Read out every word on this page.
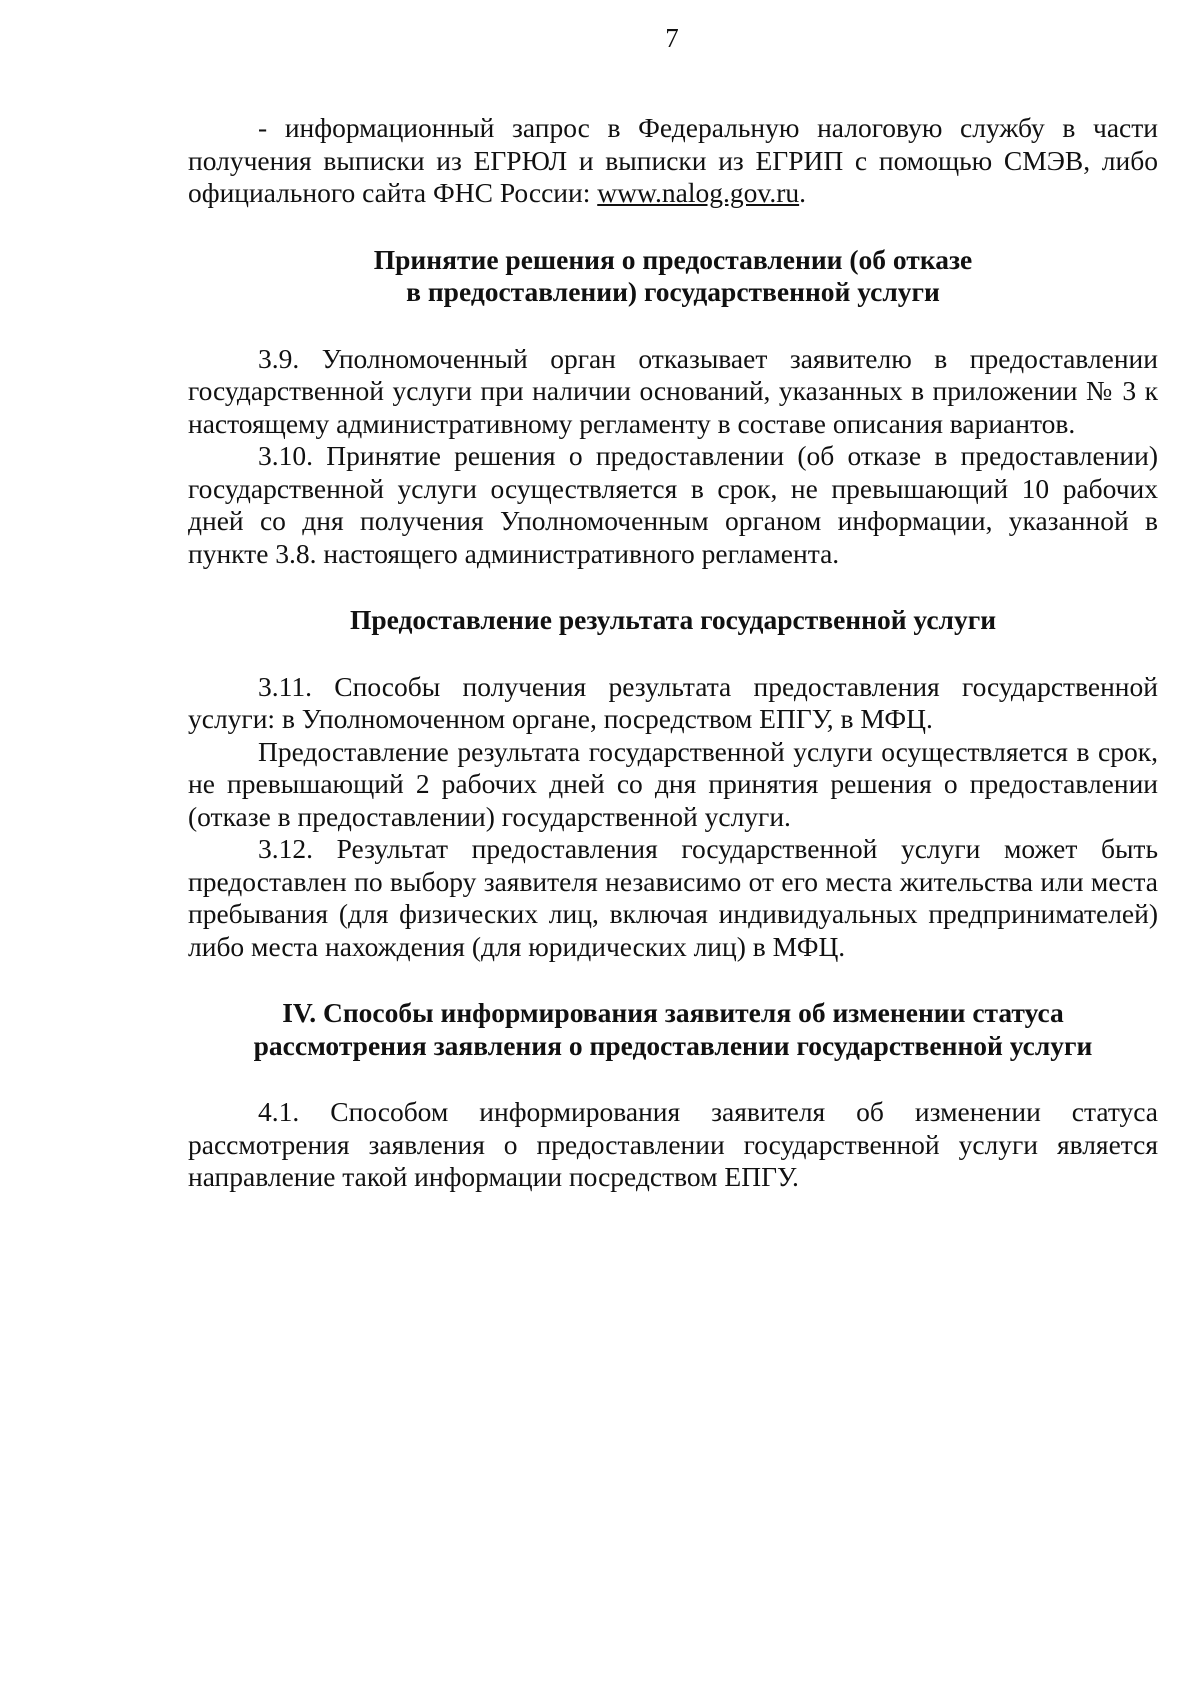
7

- информационный запрос в Федеральную налоговую службу в части получения выписки из ЕГРЮЛ и выписки из ЕГРИП с помощью СМЭВ, либо официального сайта ФНС России: www.nalog.gov.ru.

Принятие решения о предоставлении (об отказе
в предоставлении) государственной услуги

3.9. Уполномоченный орган отказывает заявителю в предоставлении государственной услуги при наличии оснований, указанных в приложении № 3 к настоящему административному регламенту в составе описания вариантов.

3.10. Принятие решения о предоставлении (об отказе в предоставлении) государственной услуги осуществляется в срок, не превышающий 10 рабочих дней со дня получения Уполномоченным органом информации, указанной в пункте 3.8. настоящего административного регламента.

Предоставление результата государственной услуги

3.11. Способы получения результата предоставления государственной услуги: в Уполномоченном органе, посредством ЕПГУ, в МФЦ.

Предоставление результата государственной услуги осуществляется в срок, не превышающий 2 рабочих дней со дня принятия решения о предоставлении (отказе в предоставлении) государственной услуги.

3.12. Результат предоставления государственной услуги может быть предоставлен по выбору заявителя независимо от его места жительства или места пребывания (для физических лиц, включая индивидуальных предпринимателей) либо места нахождения (для юридических лиц) в МФЦ.

IV. Способы информирования заявителя об изменении статуса
рассмотрения заявления о предоставлении государственной услуги

4.1. Способом информирования заявителя об изменении статуса рассмотрения заявления о предоставлении государственной услуги является направление такой информации посредством ЕПГУ.
